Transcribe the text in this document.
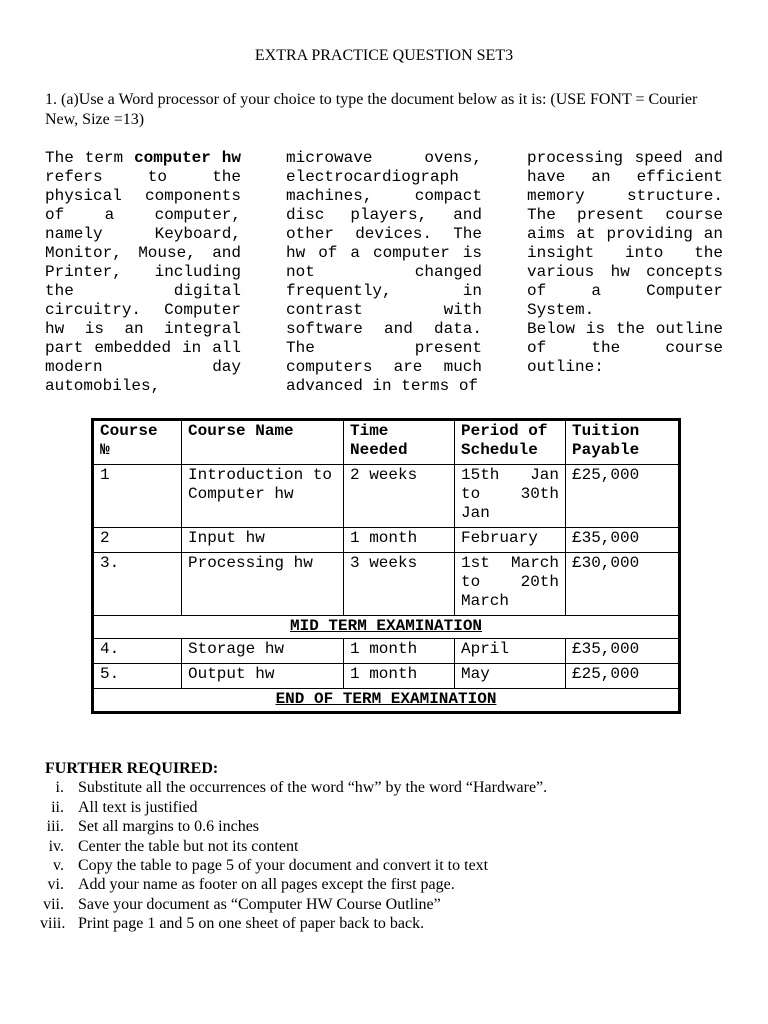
EXTRA PRACTICE QUESTION SET3
1. (a)Use a Word processor of your choice to type the document below as it is: (USE FONT = Courier New, Size =13)

The term computer hw refers to the physical components of a computer, namely Keyboard, Monitor, Mouse, and Printer, including the digital circuitry. Computer hw is an integral part embedded in all modern day automobiles,

microwave ovens, electrocardiograph machines, compact disc players, and other devices. The hw of a computer is not changed frequently, in contrast with software and data. The present computers are much advanced in terms of

processing speed and have an efficient memory structure. The present course aims at providing an insight into the various hw concepts of a Computer System.

Below is the outline of the course outline:

Course №	Course Name	Time Needed	Period of Schedule	Tuition Payable
1	Introduction to Computer hw	2 weeks	15th Jan to 30th Jan	£25,000
2	Input hw	1 month	February	£35,000
3.	Processing hw	3 weeks	1st March to 20th March	£30,000
MID TERM EXAMINATION				
4.	Storage hw	1 month	April	£35,000
5.	Output hw	1 month	May	£25,000
END OF TERM EXAMINATION				

FURTHER REQUIRED:

i. Substitute all the occurrences of the word “hw” by the word “Hardware”.
ii. All text is justified
iii. Set all margins to 0.6 inches
iv. Center the table but not its content
v. Copy the table to page 5 of your document and convert it to text
vi. Add your name as footer on all pages except the first page.
vii. Save your document as “Computer HW Course Outline”
viii. Print page 1 and 5 on one sheet of paper back to back.
